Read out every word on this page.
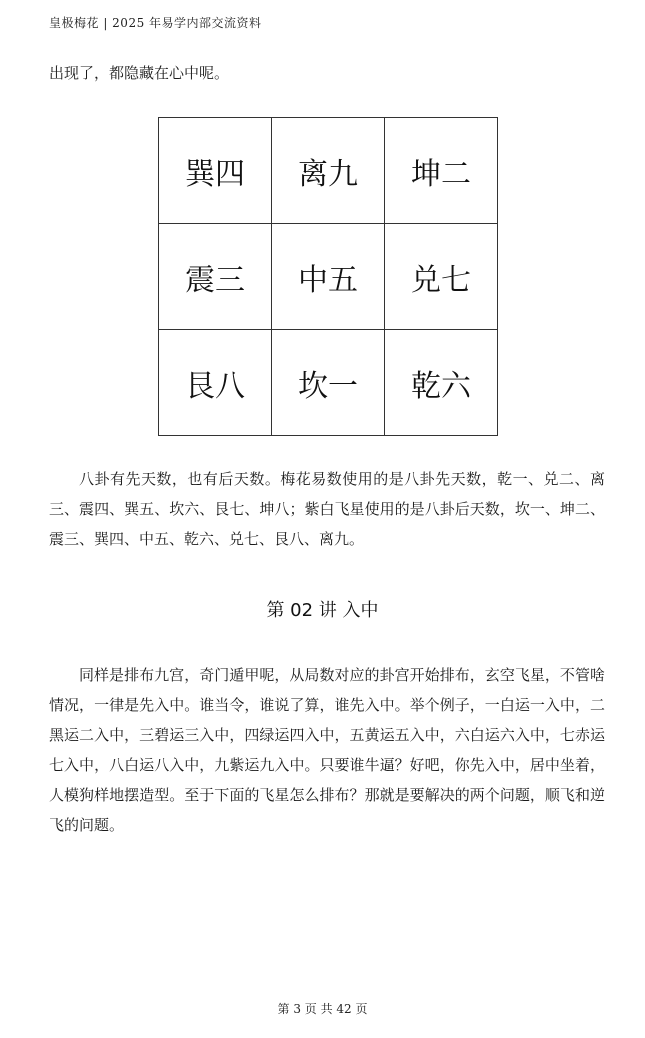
皇极梅花 | 2025 年易学内部交流资料
出现了，都隐藏在心中呢。
巽四	离九	坤二
震三	中五	兑七
艮八	坎一	乾六

八卦有先天数，也有后天数。梅花易数使用的是八卦先天数，乾一、兑二、离三、震四、巽五、坎六、艮七、坤八；紫白飞星使用的是八卦后天数，坎一、坤二、震三、巽四、中五、乾六、兑七、艮八、离九。

第 02 讲 入中

同样是排布九宫，奇门遁甲呢，从局数对应的卦宫开始排布，玄空飞星，不管啥情况，一律是先入中。谁当令，谁说了算，谁先入中。举个例子，一白运一入中，二黑运二入中，三碧运三入中，四绿运四入中，五黄运五入中，六白运六入中，七赤运七入中，八白运八入中，九紫运九入中。只要谁牛逼？好吧，你先入中，居中坐着，人模狗样地摆造型。至于下面的飞星怎么排布？那就是要解决的两个问题，顺飞和逆飞的问题。

第 3 页 共 42 页
